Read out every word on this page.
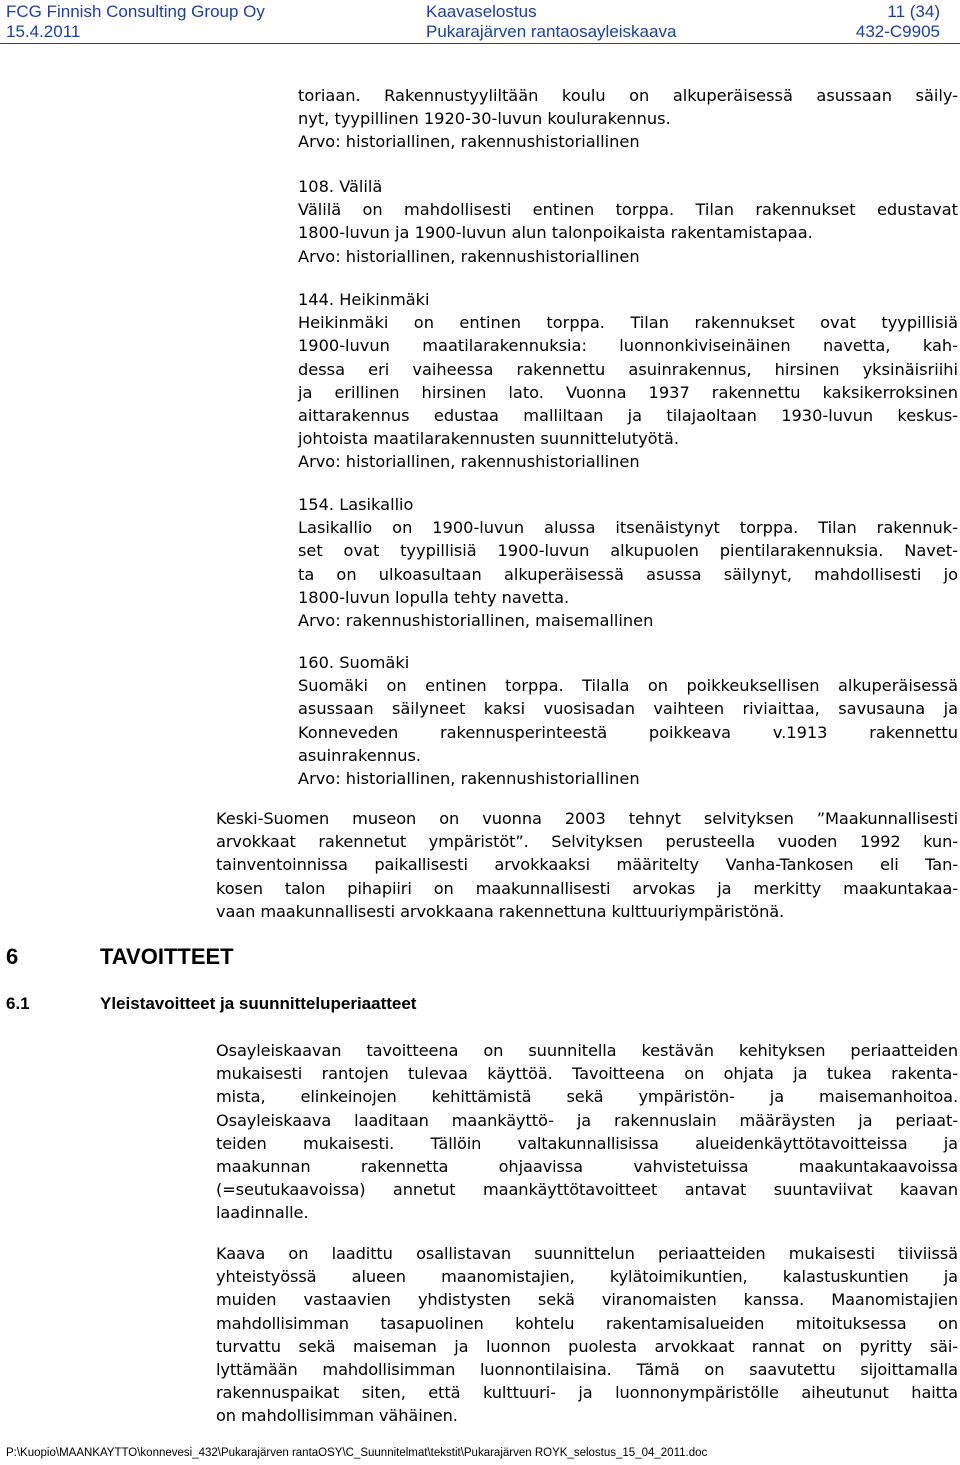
FCG Finnish Consulting Group Oy
15.4.2011
Kaavaselostus
Pukarajärven rantaosayleiskaava
11 (34)
432-C9905
toriaan. Rakennustyyliltään koulu on alkuperäisessä asussaan säily-
nyt, tyypillinen 1920-30-luvun koulurakennus.
Arvo: historiallinen, rakennushistoriallinen
108. Välilä
Välilä on mahdollisesti entinen torppa. Tilan rakennukset edustavat
1800-luvun ja 1900-luvun alun talonpoikaista rakentamistapaa.
Arvo: historiallinen, rakennushistoriallinen
144. Heikinmäki
Heikinmäki on entinen torppa. Tilan rakennukset ovat tyypillisiä
1900-luvun maatilarakennuksia: luonnonkiviseinäinen navetta, kah-
dessa eri vaiheessa rakennettu asuinrakennus, hirsinen yksinäisriihi
ja erillinen hirsinen lato. Vuonna 1937 rakennettu kaksikerroksinen
aittarakennus edustaa malliltaan ja tilajaoltaan 1930-luvun keskus-
johtoista maatilarakennusten suunnittelutyötä.
Arvo: historiallinen, rakennushistoriallinen
154. Lasikallio
Lasikallio on 1900-luvun alussa itsenäistynyt torppa. Tilan rakennuk-
set ovat tyypillisiä 1900-luvun alkupuolen pientilarakennuksia. Navet-
ta on ulkoasultaan alkuperäisessä asussa säilynyt, mahdollisesti jo
1800-luvun lopulla tehty navetta.
Arvo: rakennushistoriallinen, maisemallinen
160. Suomäki
Suomäki on entinen torppa. Tilalla on poikkeuksellisen alkuperäisessä
asussaan säilyneet kaksi vuosisadan vaihteen riviaittaa, savusauna ja
Konneveden rakennusperinteestä poikkeava v.1913 rakennettu
asuinrakennus.
Arvo: historiallinen, rakennushistoriallinen
Keski-Suomen museon on vuonna 2003 tehnyt selvityksen ”Maakunnallisesti
arvokkaat rakennetut ympäristöt”. Selvityksen perusteella vuoden 1992 kun-
tainventoinnissa paikallisesti arvokkaaksi määritelty Vanha-Tankosen eli Tan-
kosen talon pihapiiri on maakunnallisesti arvokas ja merkitty maakuntakaa-
vaan maakunnallisesti arvokkaana rakennettuna kulttuuriympäristönä.
6	TAVOITTEET
6.1	Yleistavoitteet ja suunnitteluperiaatteet
Osayleiskaavan tavoitteena on suunnitella kestävän kehityksen periaatteiden
mukaisesti rantojen tulevaa käyttöä. Tavoitteena on ohjata ja tukea rakenta-
mista, elinkeinojen kehittämistä sekä ympäristön- ja maisemanhoitoa.
Osayleiskaava laaditaan maankäyttö- ja rakennuslain määräysten ja periaat-
teiden mukaisesti. Tällöin valtakunnallisissa alueidenkäyttötavoitteissa ja
maakunnan rakennetta ohjaavissa vahvistetuissa maakuntakaavoissa
(=seutukaavoissa) annetut maankäyttötavoitteet antavat suuntaviivat kaavan
laadinnalle.
Kaava on laadittu osallistavan suunnittelun periaatteiden mukaisesti tiiviissä
yhteistyössä alueen maanomistajien, kylätoimikuntien, kalastuskuntien ja
muiden vastaavien yhdistysten sekä viranomaisten kanssa. Maanomistajien
mahdollisimman tasapuolinen kohtelu rakentamisalueiden mitoituksessa on
turvattu sekä maiseman ja luonnon puolesta arvokkaat rannat on pyritty säi-
lyttämään mahdollisimman luonnontilaisina. Tämä on saavutettu sijoittamalla
rakennuspaikat siten, että kulttuuri- ja luonnonympäristölle aiheutunut haitta
on mahdollisimman vähäinen.
P:\Kuopio\MAANKAYTTO\konnevesi_432\Pukarajärven rantaOSY\C_Suunnitelmat\tekstit\Pukarajärven ROYK_selostus_15_04_2011.doc
